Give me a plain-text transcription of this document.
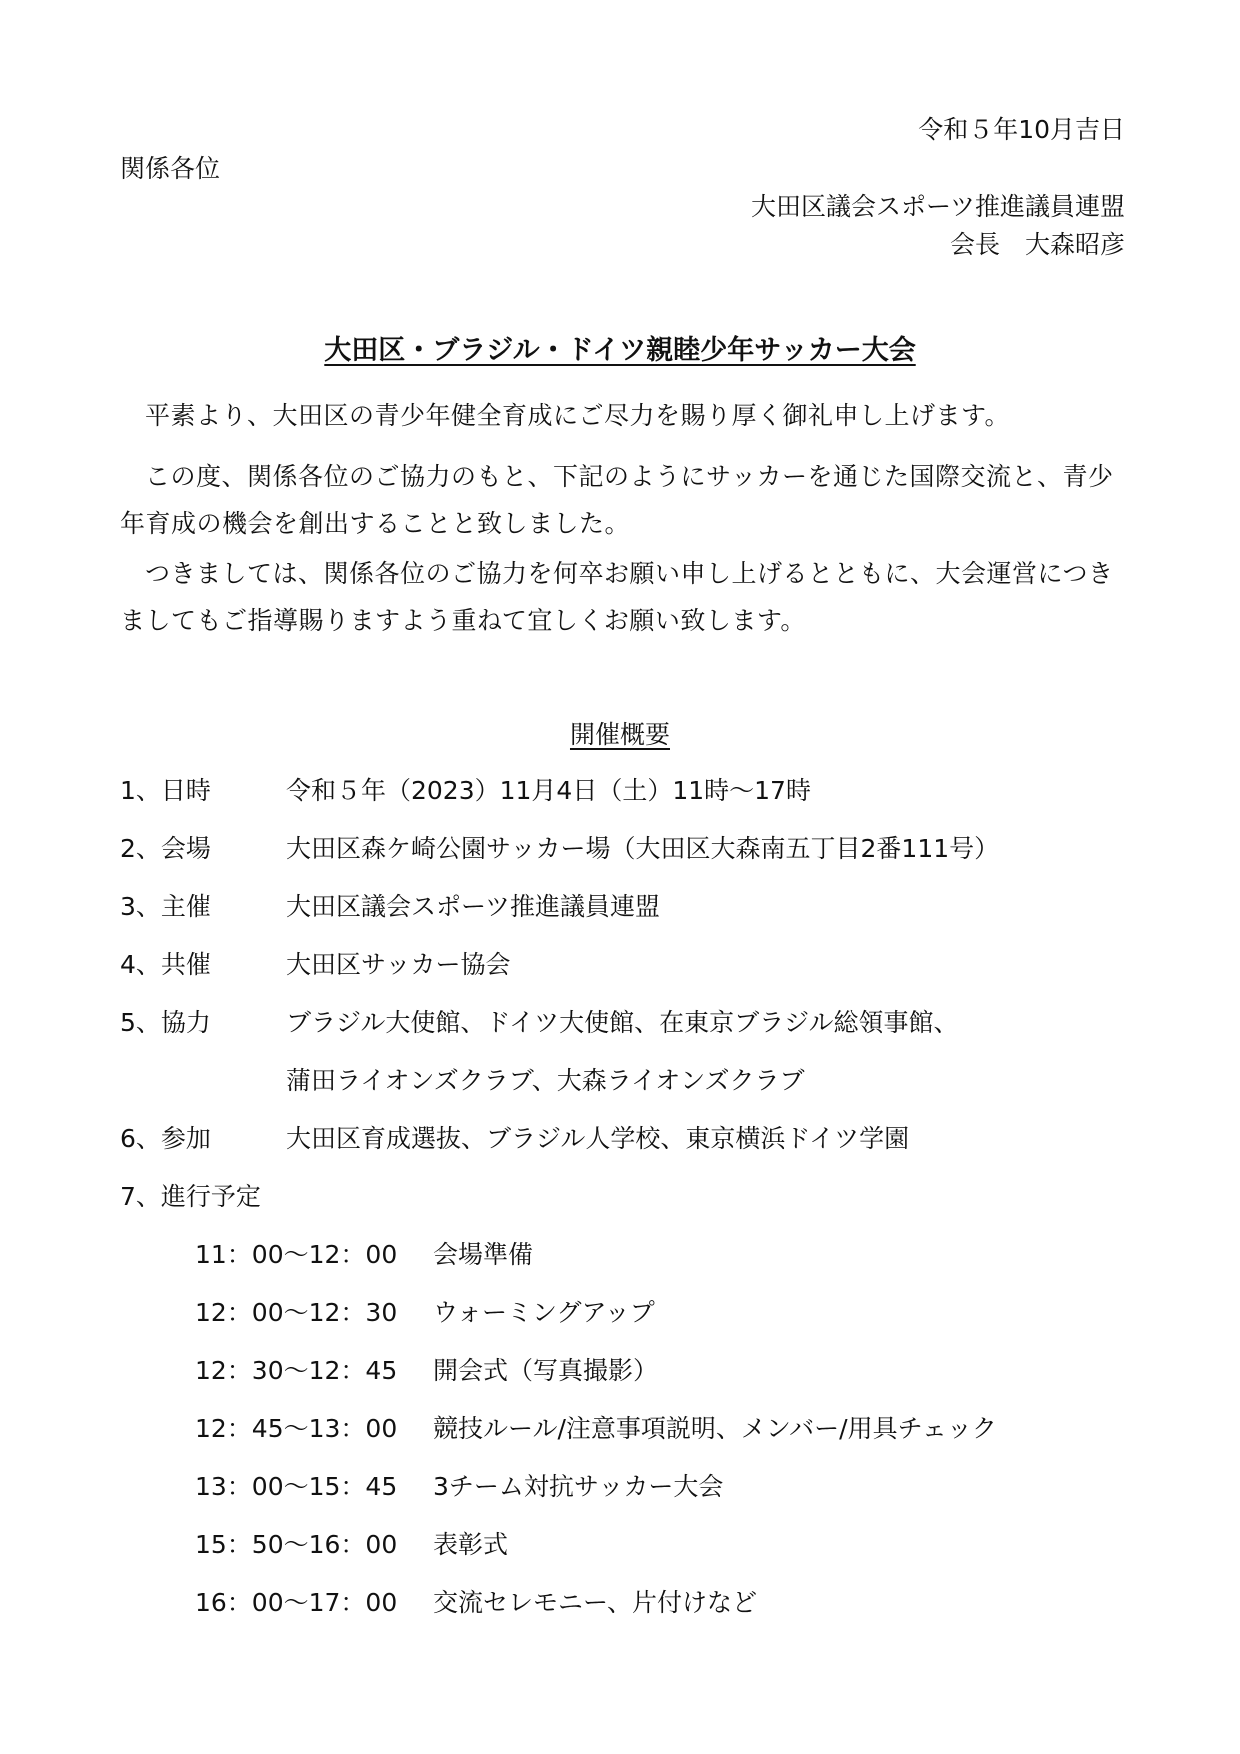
令和５年10月吉日
関係各位
大田区議会スポーツ推進議員連盟
会長　大森昭彦
大田区・ブラジル・ドイツ親睦少年サッカー大会
平素より、大田区の青少年健全育成にご尽力を賜り厚く御礼申し上げます。
この度、関係各位のご協力のもと、下記のようにサッカーを通じた国際交流と、青少年育成の機会を創出することと致しました。
つきましては、関係各位のご協力を何卒お願い申し上げるとともに、大会運営につきましてもご指導賜りますよう重ねて宜しくお願い致します。
開催概要
1、日時	令和５年（2023）11月4日（土）11時〜17時
2、会場	大田区森ケ崎公園サッカー場（大田区大森南五丁目2番111号）
3、主催	大田区議会スポーツ推進議員連盟
4、共催	大田区サッカー協会
5、協力	ブラジル大使館、ドイツ大使館、在東京ブラジル総領事館、
蒲田ライオンズクラブ、大森ライオンズクラブ
6、参加	大田区育成選抜、ブラジル人学校、東京横浜ドイツ学園
7、進行予定
11：00〜12：00 会場準備
12：00〜12：30 ウォーミングアップ
12：30〜12：45 開会式（写真撮影）
12：45〜13：00 競技ルール/注意事項説明、メンバー/用具チェック
13：00〜15：45 3チーム対抗サッカー大会
15：50〜16：00 表彰式
16：00〜17：00 交流セレモニー、片付けなど
